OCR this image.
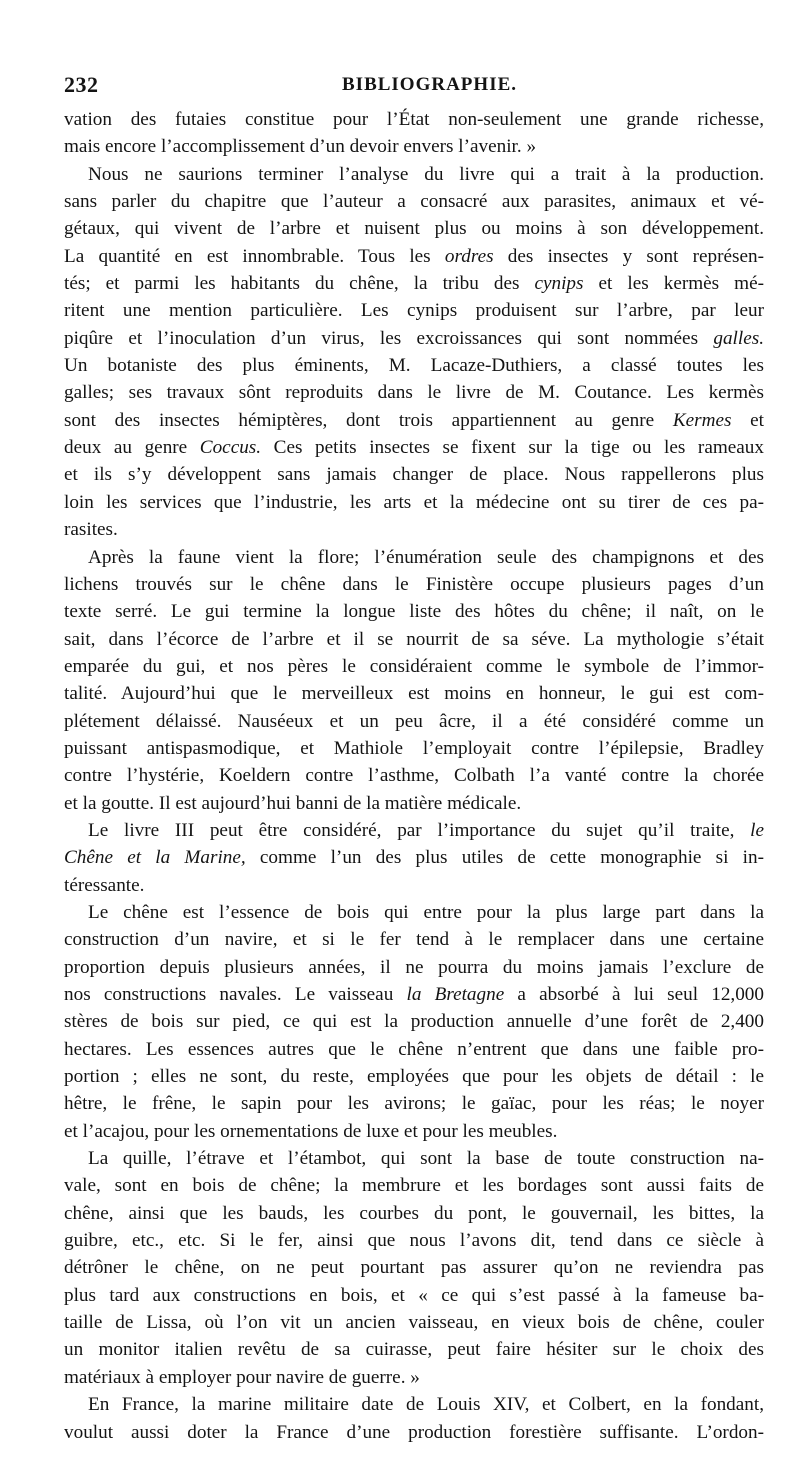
232	BIBLIOGRAPHIE.
vation des futaies constitue pour l’État non-seulement une grande richesse,
mais encore l’accomplissement d’un devoir envers l’avenir. »
Nous ne saurions terminer l’analyse du livre qui a trait à la production.
sans parler du chapitre que l’auteur a consacré aux parasites, animaux et vé-
gétaux, qui vivent de l’arbre et nuisent plus ou moins à son développement.
La quantité en est innombrable. Tous les ordres des insectes y sont représen-
tés; et parmi les habitants du chêne, la tribu des cynips et les kermès mé-
ritent une mention particulière. Les cynips produisent sur l’arbre, par leur
piqûre et l’inoculation d’un virus, les excroissances qui sont nommées galles.
Un botaniste des plus éminents, M. Lacaze-Duthiers, a classé toutes les
galles; ses travaux sônt reproduits dans le livre de M. Coutance. Les kermès
sont des insectes hémiptères, dont trois appartiennent au genre Kermes et
deux au genre Coccus. Ces petits insectes se fixent sur la tige ou les rameaux
et ils s’y développent sans jamais changer de place. Nous rappellerons plus
loin les services que l’industrie, les arts et la médecine ont su tirer de ces pa-
rasites.
Après la faune vient la flore; l’énumération seule des champignons et des
lichens trouvés sur le chêne dans le Finistère occupe plusieurs pages d’un
texte serré. Le gui termine la longue liste des hôtes du chêne; il naît, on le
sait, dans l’écorce de l’arbre et il se nourrit de sa séve. La mythologie s’était
emparée du gui, et nos pères le considéraient comme le symbole de l’immor-
talité. Aujourd’hui que le merveilleux est moins en honneur, le gui est com-
plétement délaissé. Nauséeux et un peu âcre, il a été considéré comme un
puissant antispasmodique, et Mathiole l’employait contre l’épilepsie, Bradley
contre l’hystérie, Koeldern contre l’asthme, Colbath l’a vanté contre la chorée
et la goutte. Il est aujourd’hui banni de la matière médicale.
Le livre III peut être considéré, par l’importance du sujet qu’il traite, le
Chêne et la Marine, comme l’un des plus utiles de cette monographie si in-
téressante.
Le chêne est l’essence de bois qui entre pour la plus large part dans la
construction d’un navire, et si le fer tend à le remplacer dans une certaine
proportion depuis plusieurs années, il ne pourra du moins jamais l’exclure de
nos constructions navales. Le vaisseau la Bretagne a absorbé à lui seul 12,000
stères de bois sur pied, ce qui est la production annuelle d’une forêt de 2,400
hectares. Les essences autres que le chêne n’entrent que dans une faible pro-
portion ; elles ne sont, du reste, employées que pour les objets de détail : le
hêtre, le frêne, le sapin pour les avirons; le gaïac, pour les réas; le noyer
et l’acajou, pour les ornementations de luxe et pour les meubles.
La quille, l’étrave et l’étambot, qui sont la base de toute construction na-
vale, sont en bois de chêne; la membrure et les bordages sont aussi faits de
chêne, ainsi que les bauds, les courbes du pont, le gouvernail, les bittes, la
guibre, etc., etc. Si le fer, ainsi que nous l’avons dit, tend dans ce siècle à
détrôner le chêne, on ne peut pourtant pas assurer qu’on ne reviendra pas
plus tard aux constructions en bois, et « ce qui s’est passé à la fameuse ba-
taille de Lissa, où l’on vit un ancien vaisseau, en vieux bois de chêne, couler
un monitor italien revêtu de sa cuirasse, peut faire hésiter sur le choix des
matériaux à employer pour navire de guerre. »
En France, la marine militaire date de Louis XIV, et Colbert, en la fondant,
voulut aussi doter la France d’une production forestière suffisante. L’ordon-
